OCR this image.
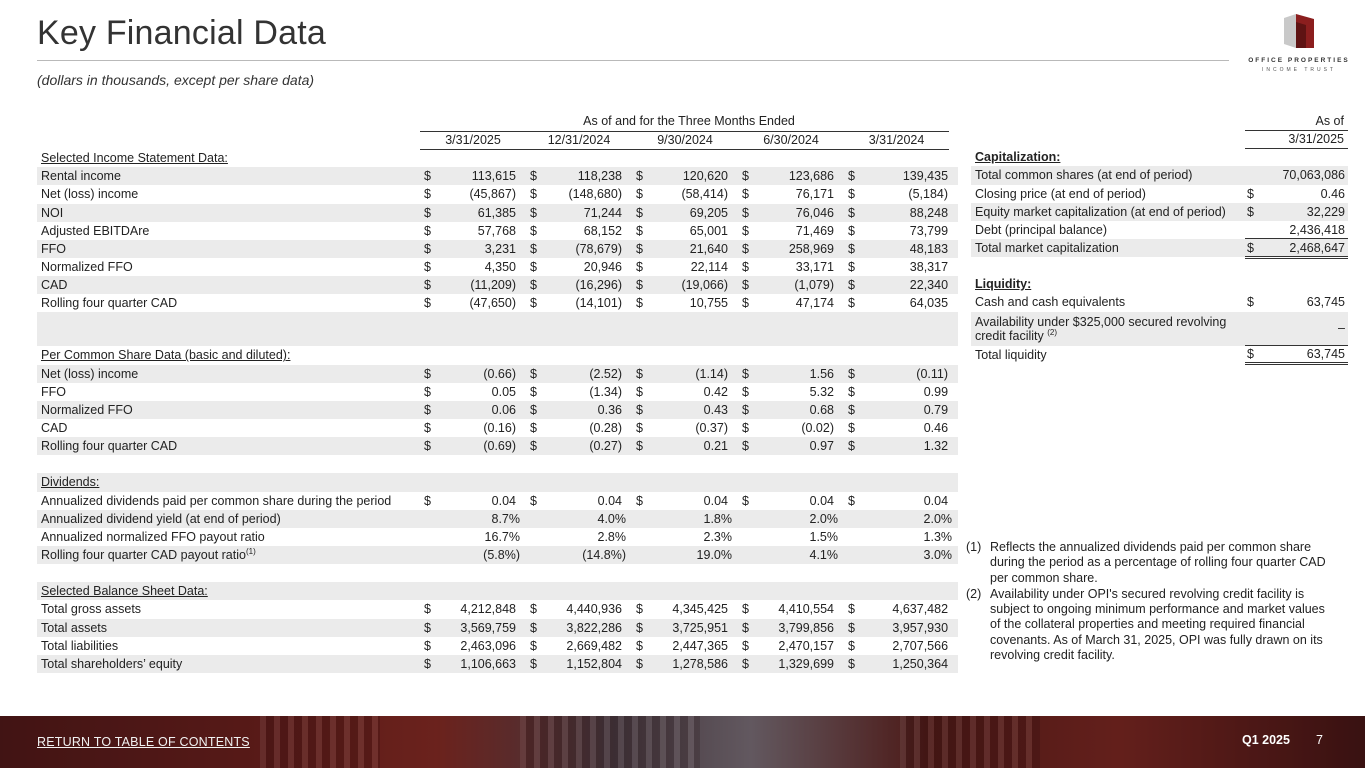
Key Financial Data
(dollars in thousands, except per share data)
OFFICE PROPERTIES
INCOME TRUST
	As of and for the Three Months Ended									
	3/31/2025		12/31/2024		9/30/2024		6/30/2024		3/31/2024	
Selected Income Statement Data:										
Rental income	$	113,615	$	118,238	$	120,620	$	123,686	$	139,435
Net (loss) income	$	(45,867)	$	(148,680)	$	(58,414)	$	76,171	$	(5,184)
NOI	$	61,385	$	71,244	$	69,205	$	76,046	$	88,248
Adjusted EBITDAre	$	57,768	$	68,152	$	65,001	$	71,469	$	73,799
FFO	$	3,231	$	(78,679)	$	21,640	$	258,969	$	48,183
Normalized FFO	$	4,350	$	20,946	$	22,114	$	33,171	$	38,317
CAD	$	(11,209)	$	(16,296)	$	(19,066)	$	(1,079)	$	22,340
Rolling four quarter CAD	$	(47,650)	$	(14,101)	$	10,755	$	47,174	$	64,035

Per Common Share Data (basic and diluted):										
Net (loss) income	$	(0.66)	$	(2.52)	$	(1.14)	$	1.56	$	(0.11)
FFO	$	0.05	$	(1.34)	$	0.42	$	5.32	$	0.99
Normalized FFO	$	0.06	$	0.36	$	0.43	$	0.68	$	0.79
CAD	$	(0.16)	$	(0.28)	$	(0.37)	$	(0.02)	$	0.46
Rolling four quarter CAD	$	(0.69)	$	(0.27)	$	0.21	$	0.97	$	1.32

Dividends:										
Annualized dividends paid per common share during the period	$	0.04	$	0.04	$	0.04	$	0.04	$	0.04
Annualized dividend yield (at end of period)		8.7%		4.0%		1.8%		2.0%		2.0%
Annualized normalized FFO payout ratio		16.7%		2.8%		2.3%		1.5%		1.3%
Rolling four quarter CAD payout ratio$^{(1)}$		(5.8%)		(14.8%)		19.0%		4.1%		3.0%

Selected Balance Sheet Data:										
Total gross assets	$	4,212,848	$	4,440,936	$	4,345,425	$	4,410,554	$	4,637,482
Total assets	$	3,569,759	$	3,822,286	$	3,725,951	$	3,799,856	$	3,957,930
Total liabilities	$	2,463,096	$	2,669,482	$	2,447,365	$	2,470,157	$	2,707,566
Total shareholders’ equity	$	1,106,663	$	1,152,804	$	1,278,586	$	1,329,699	$	1,250,364
	As of	
	3/31/2025	
Capitalization:		
Total common shares (at end of period)		70,063,086
Closing price (at end of period)	$	0.46
Equity market capitalization (at end of period)	$	32,229
Debt (principal balance)		2,436,418
Total market capitalization	$	2,468,647

Liquidity:		
Cash and cash equivalents	$	63,745
Availability under $325,000 secured revolving credit facility $^{(2)}$		–
Total liquidity	$	63,745
(1) Reflects the annualized dividends paid per common share during the period as a percentage of rolling four quarter CAD per common share.
(2) Availability under OPI's secured revolving credit facility is subject to ongoing minimum performance and market values of the collateral properties and meeting required financial covenants. As of March 31, 2025, OPI was fully drawn on its revolving credit facility.
RETURN TO TABLE OF CONTENTS	Q1 2025 7
